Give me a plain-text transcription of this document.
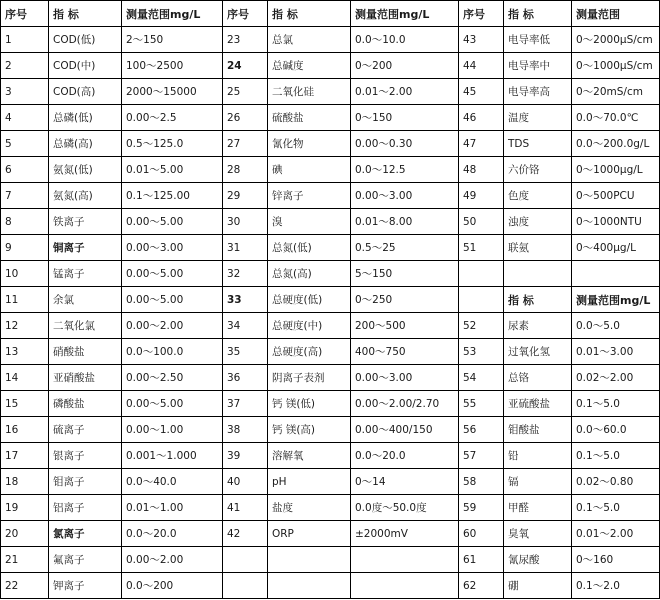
序号	指 标	测量范围mg/L	序号	指 标	测量范围mg/L	序号	指 标	测量范围
1	COD(低)	2～150	23	总氯	0.0～10.0	43	电导率低	0～2000μS/cm
2	COD(中)	100～2500	24	总碱度	0～200	44	电导率中	0～1000μS/cm
3	COD(高)	2000～15000	25	二氧化硅	0.01～2.00	45	电导率高	0～20mS/cm
4	总磷(低)	0.00～2.5	26	硫酸盐	0～150	46	温度	0.0～70.0℃
5	总磷(高)	0.5～125.0	27	氰化物	0.00～0.30	47	TDS	0.0～200.0g/L
6	氨氮(低)	0.01～5.00	28	碘	0.0～12.5	48	六价铬	0～1000μg/L
7	氨氮(高)	0.1～125.00	29	锌离子	0.00～3.00	49	色度	0～500PCU
8	铁离子	0.00～5.00	30	溴	0.01～8.00	50	浊度	0～1000NTU
9	铜离子	0.00～3.00	31	总氮(低)	0.5～25	51	联氨	0～400μg/L
10	锰离子	0.00～5.00	32	总氮(高)	5～150			
11	余氯	0.00～5.00	33	总硬度(低)	0～250		指 标	测量范围mg/L
12	二氧化氯	0.00～2.00	34	总硬度(中)	200～500	52	尿素	0.0～5.0
13	硝酸盐	0.0～100.0	35	总硬度(高)	400～750	53	过氧化氢	0.01～3.00
14	亚硝酸盐	0.00～2.50	36	阴离子表剂	0.00～3.00	54	总铬	0.02～2.00
15	磷酸盐	0.00～5.00	37	钙 镁(低)	0.00～2.00/2.70	55	亚硫酸盐	0.1～5.0
16	硫离子	0.00～1.00	38	钙 镁(高)	0.00～400/150	56	钼酸盐	0.0～60.0
17	银离子	0.001～1.000	39	溶解氧	0.0～20.0	57	铅	0.1～5.0
18	钼离子	0.0～40.0	40	pH	0～14	58	镉	0.02～0.80
19	铝离子	0.01～1.00	41	盐度	0.0度～50.0度	59	甲醛	0.1～5.0
20	氯离子	0.0～20.0	42	ORP	±2000mV	60	臭氧	0.01～2.00
21	氟离子	0.00～2.00				61	氰尿酸	0～160
22	钾离子	0.0～200				62	硼	0.1～2.0
